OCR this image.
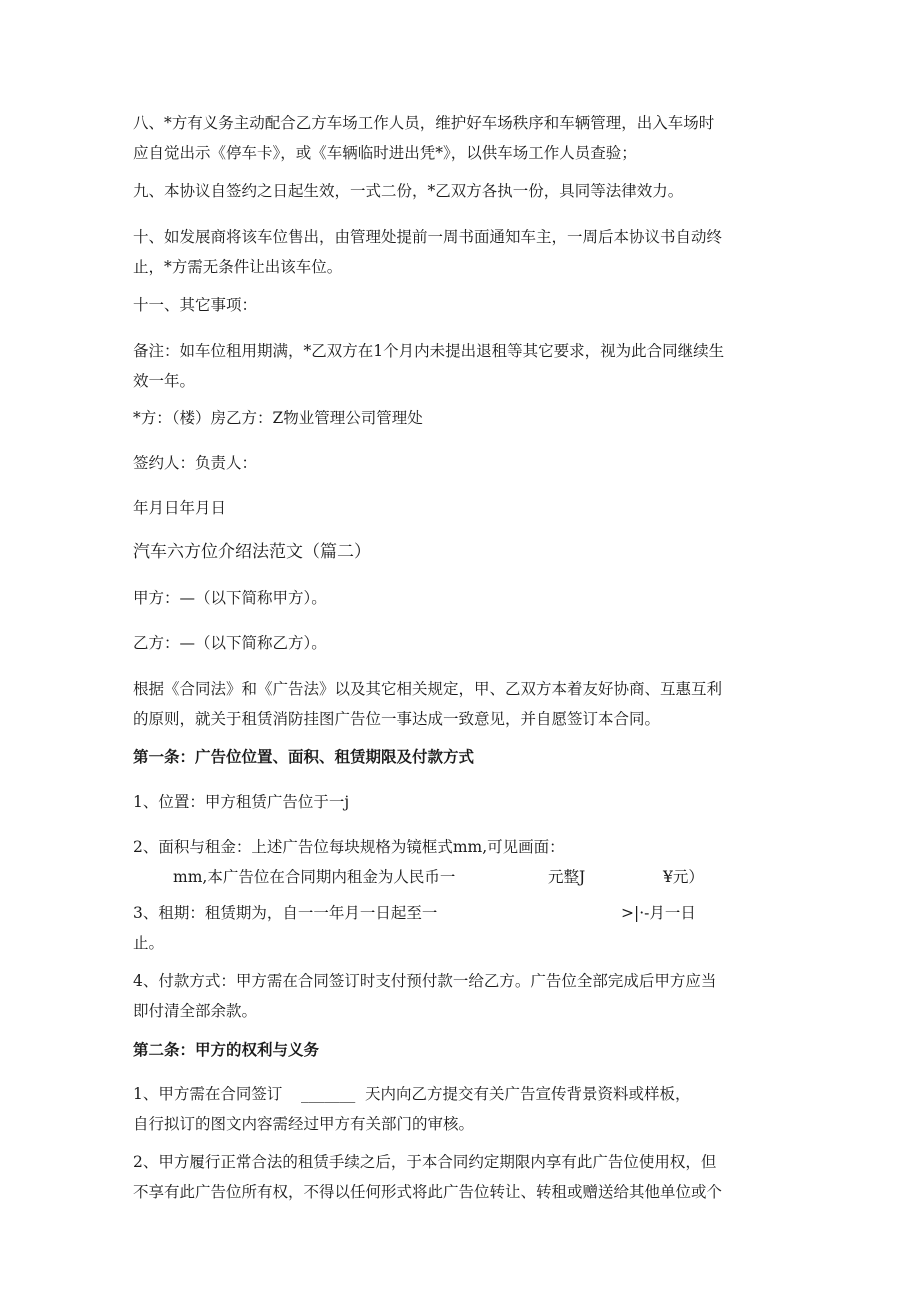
八、*方有义务主动配合乙方车场工作人员，维护好车场秩序和车辆管理，出入车场时
应自觉出示《停车卡》，或《车辆临时进出凭*》，以供车场工作人员查验；

九、本协议自签约之日起生效，一式二份，*乙双方各执一份，具同等法律效力。

十、如发展商将该车位售出，由管理处提前一周书面通知车主，一周后本协议书自动终
止，*方需无条件让出该车位。

十一、其它事项：

备注：如车位租用期满，*乙双方在1个月内未提出退租等其它要求，视为此合同继续生
效一年。

*方：（楼）房乙方：Z物业管理公司管理处

签约人：负责人：

年月日年月日

汽车六方位介绍法范文（篇二）

甲方：—（以下简称甲方）。

乙方：—（以下简称乙方）。

根据《合同法》和《广告法》以及其它相关规定，甲、乙双方本着友好协商、互惠互利
的原则，就关于租赁消防挂图广告位一事达成一致意见，并自愿签订本合同。

第一条：广告位位置、面积、租赁期限及付款方式

1、位置：甲方租赁广告位于一j

2、面积与租金：上述广告位每块规格为镜框式mm,可见画面：
mm,本广告位在合同期内租金为人民币一	元整J	¥元）
3、租期：租赁期为，自一一年月一日起至一	>|·-月一日
止。

4、付款方式：甲方需在合同签订时支付预付款一给乙方。广告位全部完成后甲方应当
即付清全部余款。

第二条：甲方的权利与义务

1、甲方需在合同签订 _______ 天内向乙方提交有关广告宣传背景资料或样板，
自行拟订的图文内容需经过甲方有关部门的审核。

2、甲方履行正常合法的租赁手续之后，于本合同约定期限内享有此广告位使用权，但
不享有此广告位所有权，不得以任何形式将此广告位转让、转租或赠送给其他单位或个
